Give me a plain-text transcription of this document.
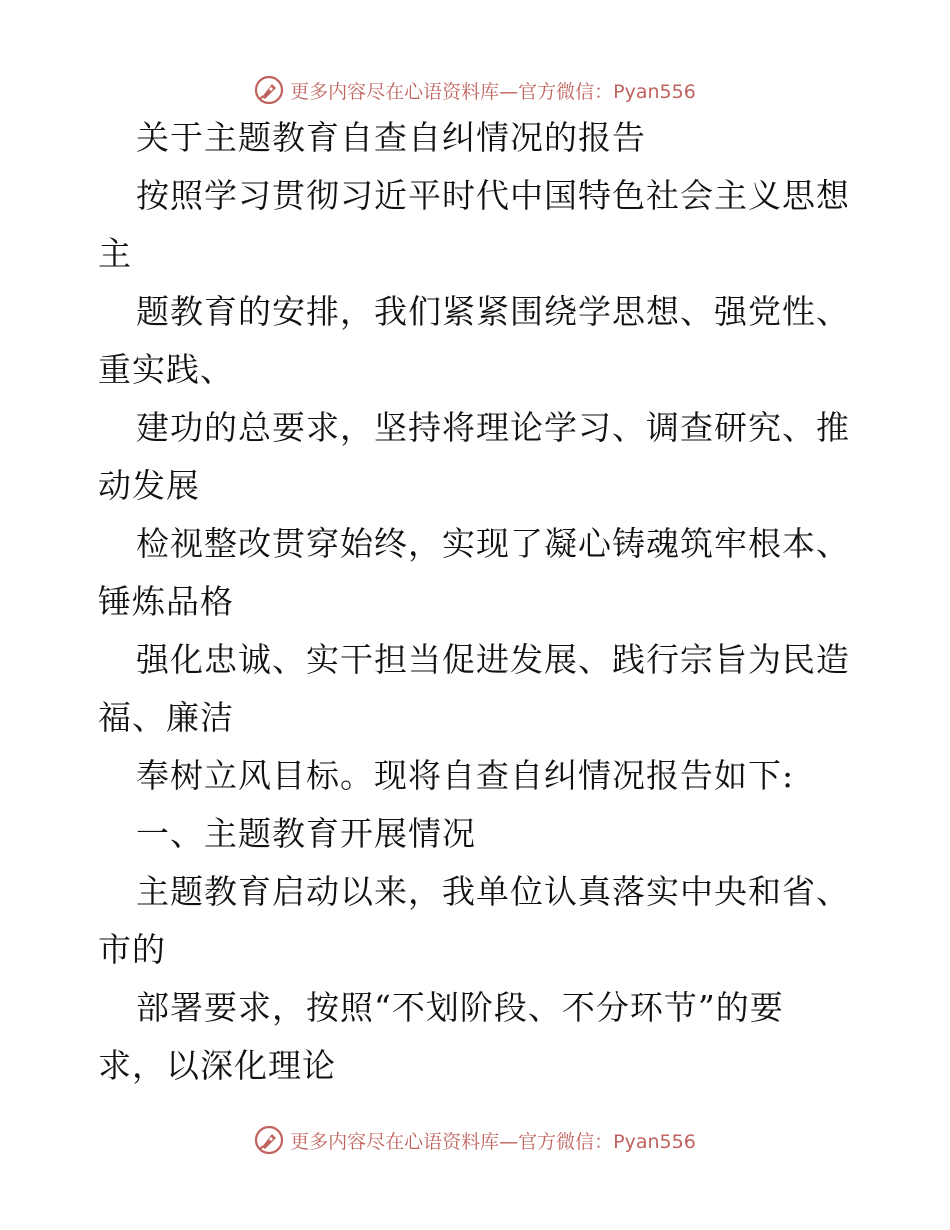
更多内容尽在心语资料库—官方微信：Pyan556
关于主题教育自查自纠情况的报告
按照学习贯彻习近平时代中国特色社会主义思想
主
题教育的安排，我们紧紧围绕学思想、强党性、
重实践、
建功的总要求，坚持将理论学习、调查研究、推
动发展
检视整改贯穿始终，实现了凝心铸魂筑牢根本、
锤炼品格
强化忠诚、实干担当促进发展、践行宗旨为民造
福、廉洁
奉树立风目标。现将自查自纠情况报告如下:
一、主题教育开展情况
主题教育启动以来，我单位认真落实中央和省、
市的
部署要求，按照“不划阶段、不分环节”的要
求，以深化理论
更多内容尽在心语资料库—官方微信：Pyan556
